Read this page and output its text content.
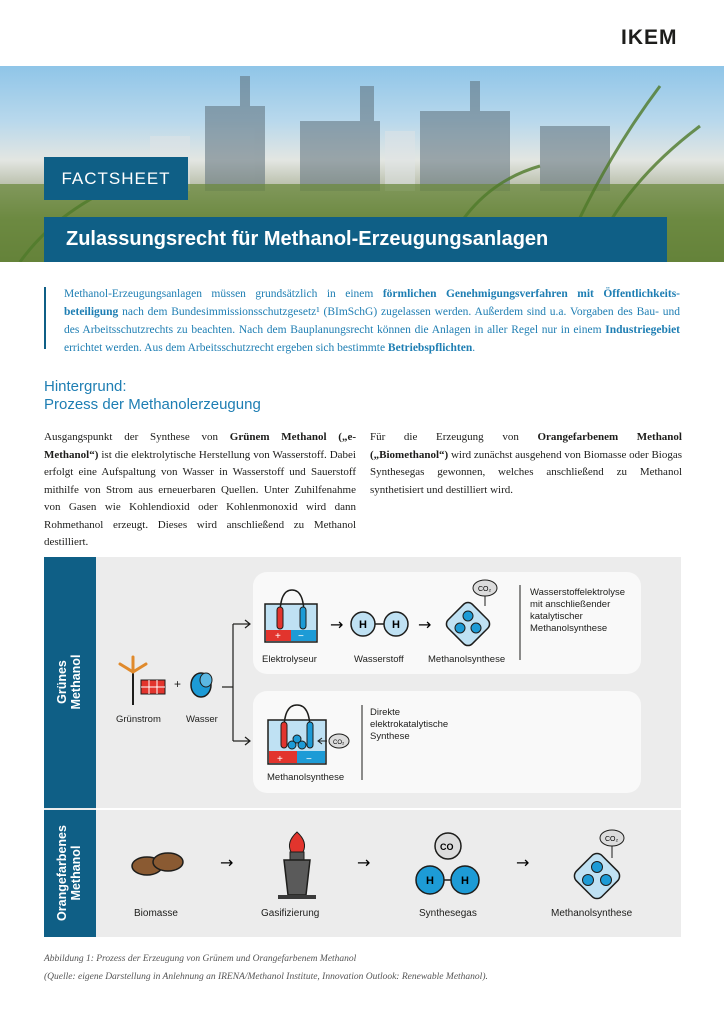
IKEM
FACTSHEET
Zulassungsrecht für Methanol-Erzeugungsanlagen
Methanol-Erzeugungsanlagen müssen grundsätzlich in einem förmlichen Genehmigungsverfahren mit Öffentlichkeits-beteiligung nach dem Bundesimmissionsschutzgesetz¹ (BImSchG) zugelassen werden. Außerdem sind u.a. Vorgaben des Bau- und des Arbeitsschutzrechts zu beachten. Nach dem Bauplanungsrecht können die Anlagen in aller Regel nur in einem Industriegebiet errichtet werden. Aus dem Arbeitsschutzrecht ergeben sich bestimmte Betriebspflichten.
Hintergrund:
Prozess der Methanolerzeugung
Ausgangspunkt der Synthese von Grünem Methanol („e-Methanol“) ist die elektrolytische Herstellung von Wasserstoff. Dabei erfolgt eine Aufspaltung von Wasser in Wasserstoff und Sauerstoff mithilfe von Strom aus erneuerbaren Quellen. Unter Zuhilfenahme von Gasen wie Kohlendioxid oder Kohlenmonoxid wird dann Rohmethanol erzeugt. Dieses wird anschließend zu Methanol destilliert.
Für die Erzeugung von Orangefarbenem Methanol („Biomethanol“) wird zunächst ausgehend von Biomasse oder Biogas Synthesegas gewonnen, welches anschließend zu Methanol synthetisiert und destilliert wird.
Grünes
Methanol
Orangefarbenes
Methanol
+ −
H H
CO₂
→	→
+ −
CO₂
CO
H H
CO₂
→	→	→
+
Grünstrom	Wasser
Elektrolyseur	Wasserstoff	Methanolsynthese
Wasserstoffelektrolyse mit anschließender katalytischer Methanolsynthese
Methanolsynthese
Direkte elektrokatalytische Synthese
Biomasse	Gasifizierung	Synthesegas	Methanolsynthese
Abbildung 1: Prozess der Erzeugung von Grünem und Orangefarbenem Methanol
(Quelle: eigene Darstellung in Anlehnung an IRENA/Methanol Institute, Innovation Outlook: Renewable Methanol).
